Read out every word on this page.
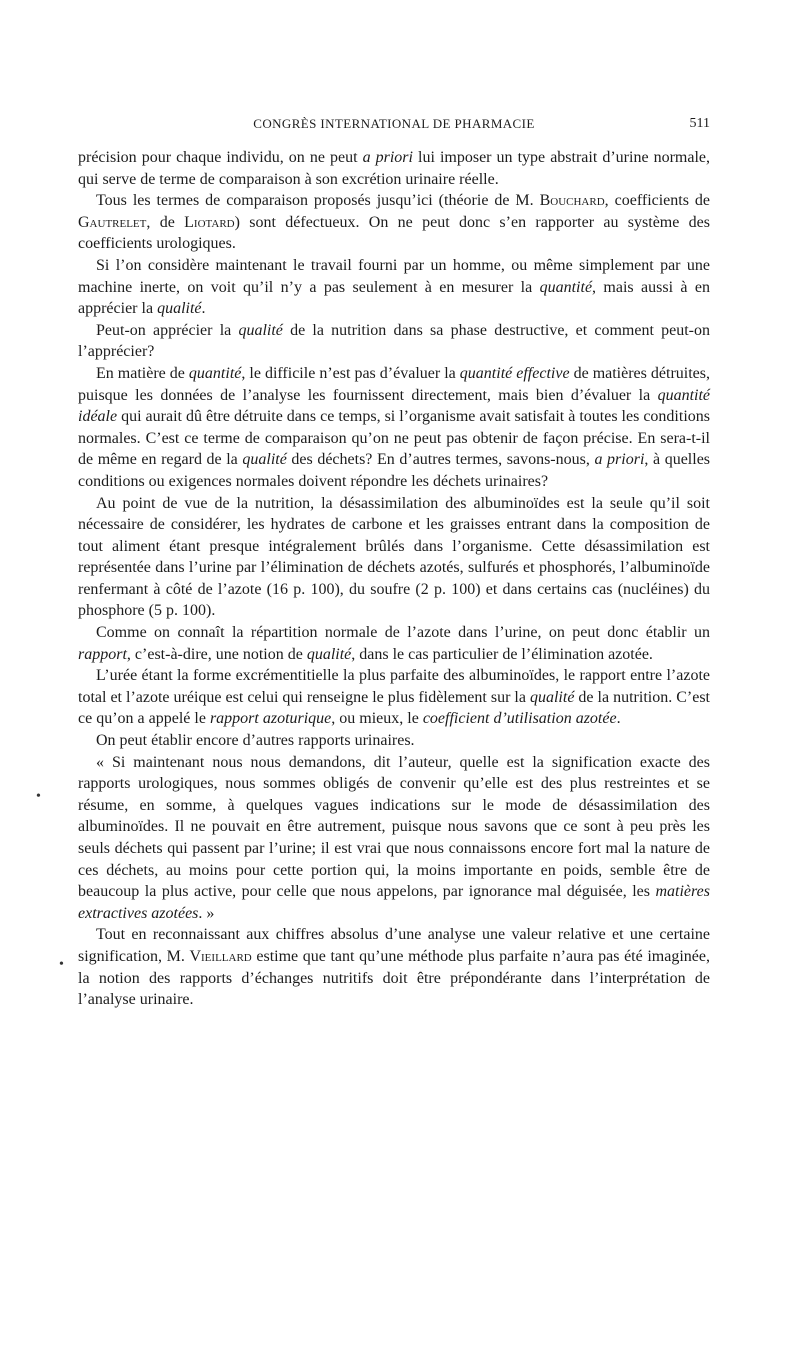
CONGRÈS INTERNATIONAL DE PHARMACIE	511
•
•

précision pour chaque individu, on ne peut a priori lui imposer un type abstrait d’urine normale, qui serve de terme de comparaison à son excrétion urinaire réelle.

Tous les termes de comparaison proposés jusqu’ici (théorie de M. Bouchard, coefficients de Gautrelet, de Liotard) sont défectueux. On ne peut donc s’en rapporter au système des coefficients urologiques.

Si l’on considère maintenant le travail fourni par un homme, ou même simplement par une machine inerte, on voit qu’il n’y a pas seulement à en mesurer la quantité, mais aussi à en apprécier la qualité.

Peut-on apprécier la qualité de la nutrition dans sa phase destructive, et comment peut-on l’apprécier?

En matière de quantité, le difficile n’est pas d’évaluer la quantité effective de matières détruites, puisque les données de l’analyse les fournissent directement, mais bien d’évaluer la quantité idéale qui aurait dû être détruite dans ce temps, si l’organisme avait satisfait à toutes les conditions normales. C’est ce terme de comparaison qu’on ne peut pas obtenir de façon précise. En sera-t-il de même en regard de la qualité des déchets? En d’autres termes, savons-nous, a priori, à quelles conditions ou exigences normales doivent répondre les déchets urinaires?

Au point de vue de la nutrition, la désassimilation des albuminoïdes est la seule qu’il soit nécessaire de considérer, les hydrates de carbone et les graisses entrant dans la composition de tout aliment étant presque intégralement brûlés dans l’organisme. Cette désassimilation est représentée dans l’urine par l’élimination de déchets azotés, sulfurés et phosphorés, l’albuminoïde renfermant à côté de l’azote (16 p. 100), du soufre (2 p. 100) et dans certains cas (nucléines) du phosphore (5 p. 100).

Comme on connaît la répartition normale de l’azote dans l’urine, on peut donc établir un rapport, c’est-à-dire, une notion de qualité, dans le cas particulier de l’élimination azotée.

L’urée étant la forme excrémentitielle la plus parfaite des albuminoïdes, le rapport entre l’azote total et l’azote uréique est celui qui renseigne le plus fidèlement sur la qualité de la nutrition. C’est ce qu’on a appelé le rapport azoturique, ou mieux, le coefficient d’utilisation azotée.

On peut établir encore d’autres rapports urinaires.

« Si maintenant nous nous demandons, dit l’auteur, quelle est la signification exacte des rapports urologiques, nous sommes obligés de convenir qu’elle est des plus restreintes et se résume, en somme, à quelques vagues indications sur le mode de désassimilation des albuminoïdes. Il ne pouvait en être autrement, puisque nous savons que ce sont à peu près les seuls déchets qui passent par l’urine; il est vrai que nous connaissons encore fort mal la nature de ces déchets, au moins pour cette portion qui, la moins importante en poids, semble être de beaucoup la plus active, pour celle que nous appelons, par ignorance mal déguisée, les matières extractives azotées. »

Tout en reconnaissant aux chiffres absolus d’une analyse une valeur relative et une certaine signification, M. Vieillard estime que tant qu’une méthode plus parfaite n’aura pas été imaginée, la notion des rapports d’échanges nutritifs doit être prépondérante dans l’interprétation de l’analyse urinaire.
